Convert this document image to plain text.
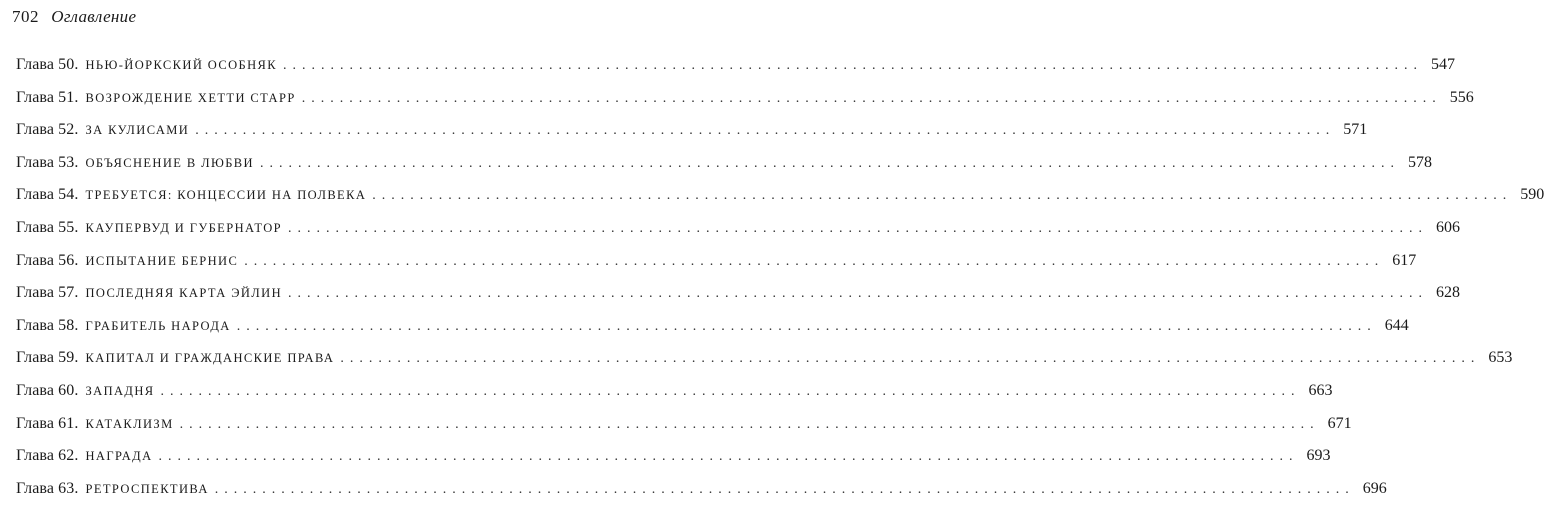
702 Оглавление
Глава 50. НЬЮ-ЙОРКСКИЙ ОСОБНЯК ........................................................................................................................ 547
Глава 51. ВОЗРОЖДЕНИЕ ХЕТТИ СТАРР ........................................................................................................................ 556
Глава 52. ЗА КУЛИСАМИ ........................................................................................................................ 571
Глава 53. ОБЪЯСНЕНИЕ В ЛЮБВИ ........................................................................................................................ 578
Глава 54. ТРЕБУЕТСЯ: КОНЦЕССИИ НА ПОЛВЕКА ........................................................................................................................ 590
Глава 55. КАУПЕРВУД И ГУБЕРНАТОР ........................................................................................................................ 606
Глава 56. ИСПЫТАНИЕ БЕРНИС ........................................................................................................................ 617
Глава 57. ПОСЛЕДНЯЯ КАРТА ЭЙЛИН ........................................................................................................................ 628
Глава 58. ГРАБИТЕЛЬ НАРОДА ........................................................................................................................ 644
Глава 59. КАПИТАЛ И ГРАЖДАНСКИЕ ПРАВА ........................................................................................................................ 653
Глава 60. ЗАПАДНЯ ........................................................................................................................ 663
Глава 61. КАТАКЛИЗМ ........................................................................................................................ 671
Глава 62. НАГРАДА ........................................................................................................................ 693
Глава 63. РЕТРОСПЕКТИВА ........................................................................................................................ 696
